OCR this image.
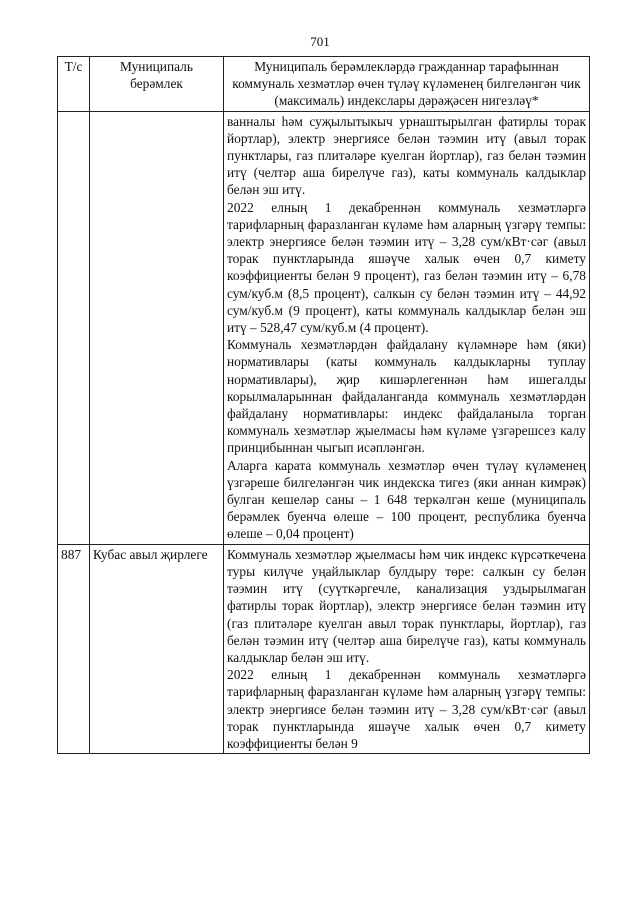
701
Т/с	Муниципаль берәмлек	Муниципаль берәмлекләрдә гражданнар тарафыннан коммуналь хезмәтләр өчен түләү күләменең билгеләнгән чик (максималь) индекслары дәрәҗәсен нигезләү*

		ванналы һәм суҗылытыкыч урнаштырылган фатирлы торак йортлар), электр энергиясе белән тәэмин итү (авыл торак пунктлары, газ плитәләре куелган йортлар), газ белән тәэмин итү (челтәр аша бирелүче газ), каты коммуналь калдыклар белән эш итү.

2022 елның 1 декабреннән коммуналь хезмәтләргә тарифларның фаразланган күләме һәм аларның үзгәрү темпы: электр энергиясе белән тәэмин итү – 3,28 сум/кВт·сәг (авыл торак пунктларында яшәүче халык өчен 0,7 кимету коэффициенты белән 9 процент), газ белән тәэмин итү – 6,78 сум/куб.м (8,5 процент), салкын су белән тәэмин итү – 44,92 сум/куб.м (9 процент), каты коммуналь калдыклар белән эш итү – 528,47 сум/куб.м (4 процент).

Коммуналь хезмәтләрдән файдалану күләмнәре һәм (яки) нормативлары (каты коммуналь калдыкларны туплау нормативлары), җир кишәрлегеннән һәм ишегалды корылмаларыннан файдаланганда коммуналь хезмәтләрдән файдалану нормативлары: индекс файдаланыла торган коммуналь хезмәтләр җыелмасы һәм күләме үзгәрешсез калу принцибыннан чыгып исәпләнгән.

Аларга карата коммуналь хезмәтләр өчен түләү күләменең үзгәреше билгеләнгән чик индекска тигез (яки аннан кимрәк) булган кешеләр саны – 1 648 теркәлгән кеше (муниципаль берәмлек буенча өлеше – 100 процент, республика буенча өлеше – 0,04 процент)

887	Кубас авыл җирлеге	Коммуналь хезмәтләр җыелмасы һәм чик индекс күрсәткечена туры килүче уңайлыклар булдыру төре: салкын су белән тәэмин итү (суүткәргечле, канализация уздырылмаган фатирлы торак йортлар), электр энергиясе белән тәэмин итү (газ плитәләре куелган авыл торак пунктлары, йортлар), газ белән тәэмин итү (челтәр аша бирелүче газ), каты коммуналь калдыклар белән эш итү.

2022 елның 1 декабреннән коммуналь хезмәтләргә тарифларның фаразланган күләме һәм аларның үзгәрү темпы: электр энергиясе белән тәэмин итү – 3,28 сум/кВт·сәг (авыл торак пунктларында яшәүче халык өчен 0,7 кимету коэффициенты белән 9
